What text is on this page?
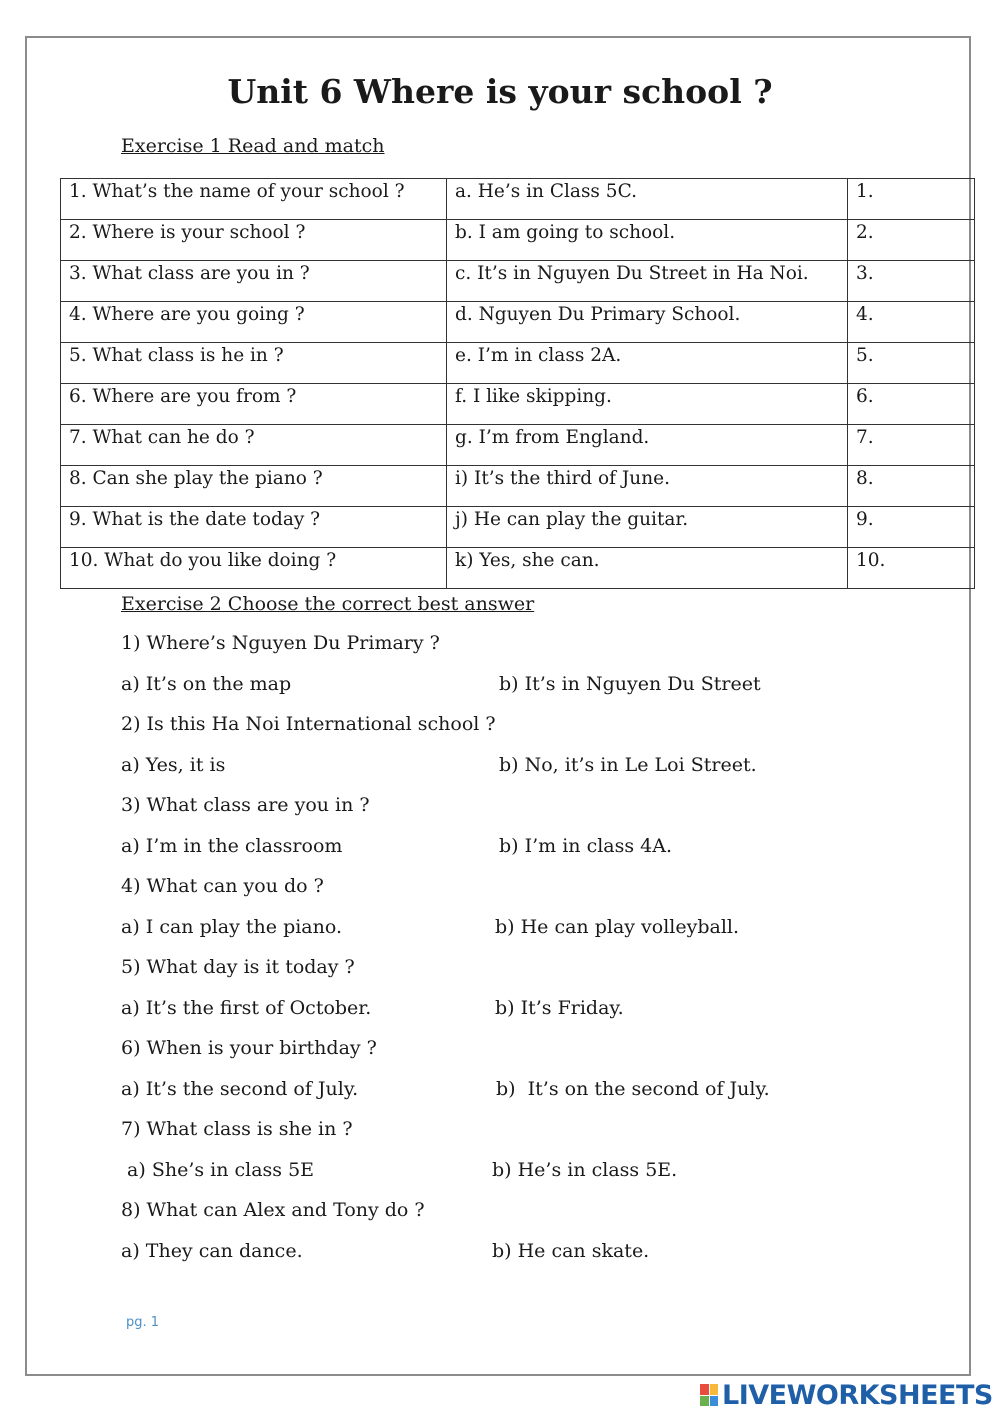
Unit 6 Where is your school ?

Exercise 1 Read and match

1. What’s the name of your school ?	a. He’s in Class 5C.	1.
2. Where is your school ?	b. I am going to school.	2.
3. What class are you in ?	c. It’s in Nguyen Du Street in Ha Noi.	3.
4. Where are you going ?	d. Nguyen Du Primary School.	4.
5. What class is he in ?	e. I’m in class 2A.	5.
6. Where are you from ?	f. I like skipping.	6.
7. What can he do ?	g. I’m from England.	7.
8. Can she play the piano ?	i) It’s the third of June.	8.
9. What is the date today ?	j) He can play the guitar.	9.
10. What do you like doing ?	k) Yes, she can.	10.

Exercise 2 Choose the correct best answer

1) Where’s Nguyen Du Primary ?
a) It’s on the map	b) It’s in Nguyen Du Street
2) Is this Ha Noi International school ?
a) Yes, it is	b) No, it’s in Le Loi Street.
3) What class are you in ?
a) I’m in the classroom	b) I’m in class 4A.
4) What can you do ?
a) I can play the piano.	b) He can play volleyball.
5) What day is it today ?
a) It’s the first of October.	b) It’s Friday.
6) When is your birthday ?
a) It’s the second of July.	b)  It’s on the second of July.
7) What class is she in ?
a) She’s in class 5E	b) He’s in class 5E.
8) What can Alex and Tony do ?
a) They can dance.	b) He can skate.
pg. 1
LIVEWORKSHEETS
